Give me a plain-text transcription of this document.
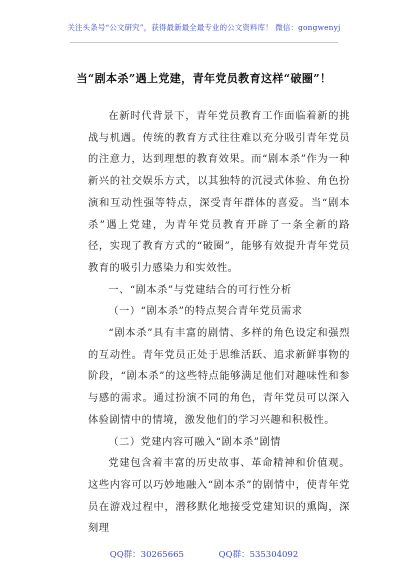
关注头条号“公文研究”，获得最新最全最专业的公文资料库！ 微信：gongwenyj
当“剧本杀”遇上党建，青年党员教育这样“破圈”！

在新时代背景下，青年党员教育工作面临着新的挑战与机遇。传统的教育方式往往难以充分吸引青年党员的注意力，达到理想的教育效果。而“剧本杀”作为一种新兴的社交娱乐方式，以其独特的沉浸式体验、角色扮演和互动性强等特点，深受青年群体的喜爱。当“剧本杀”遇上党建，为青年党员教育开辟了一条全新的路径，实现了教育方式的“破圈”，能够有效提升青年党员教育的吸引力感染力和实效性。

一、“剧本杀”与党建结合的可行性分析

（一）“剧本杀”的特点契合青年党员需求

“剧本杀”具有丰富的剧情、多样的角色设定和强烈的互动性。青年党员正处于思维活跃、追求新鲜事物的阶段，“剧本杀”的这些特点能够满足他们对趣味性和参与感的需求。通过扮演不同的角色，青年党员可以深入体验剧情中的情境，激发他们的学习兴趣和积极性。

（二）党建内容可融入“剧本杀”剧情

党建包含着丰富的历史故事、革命精神和价值观。这些内容可以巧妙地融入“剧本杀”的剧情中，使青年党员在游戏过程中，潜移默化地接受党建知识的熏陶，深刻理

QQ群：30265665	QQ群：535304092
